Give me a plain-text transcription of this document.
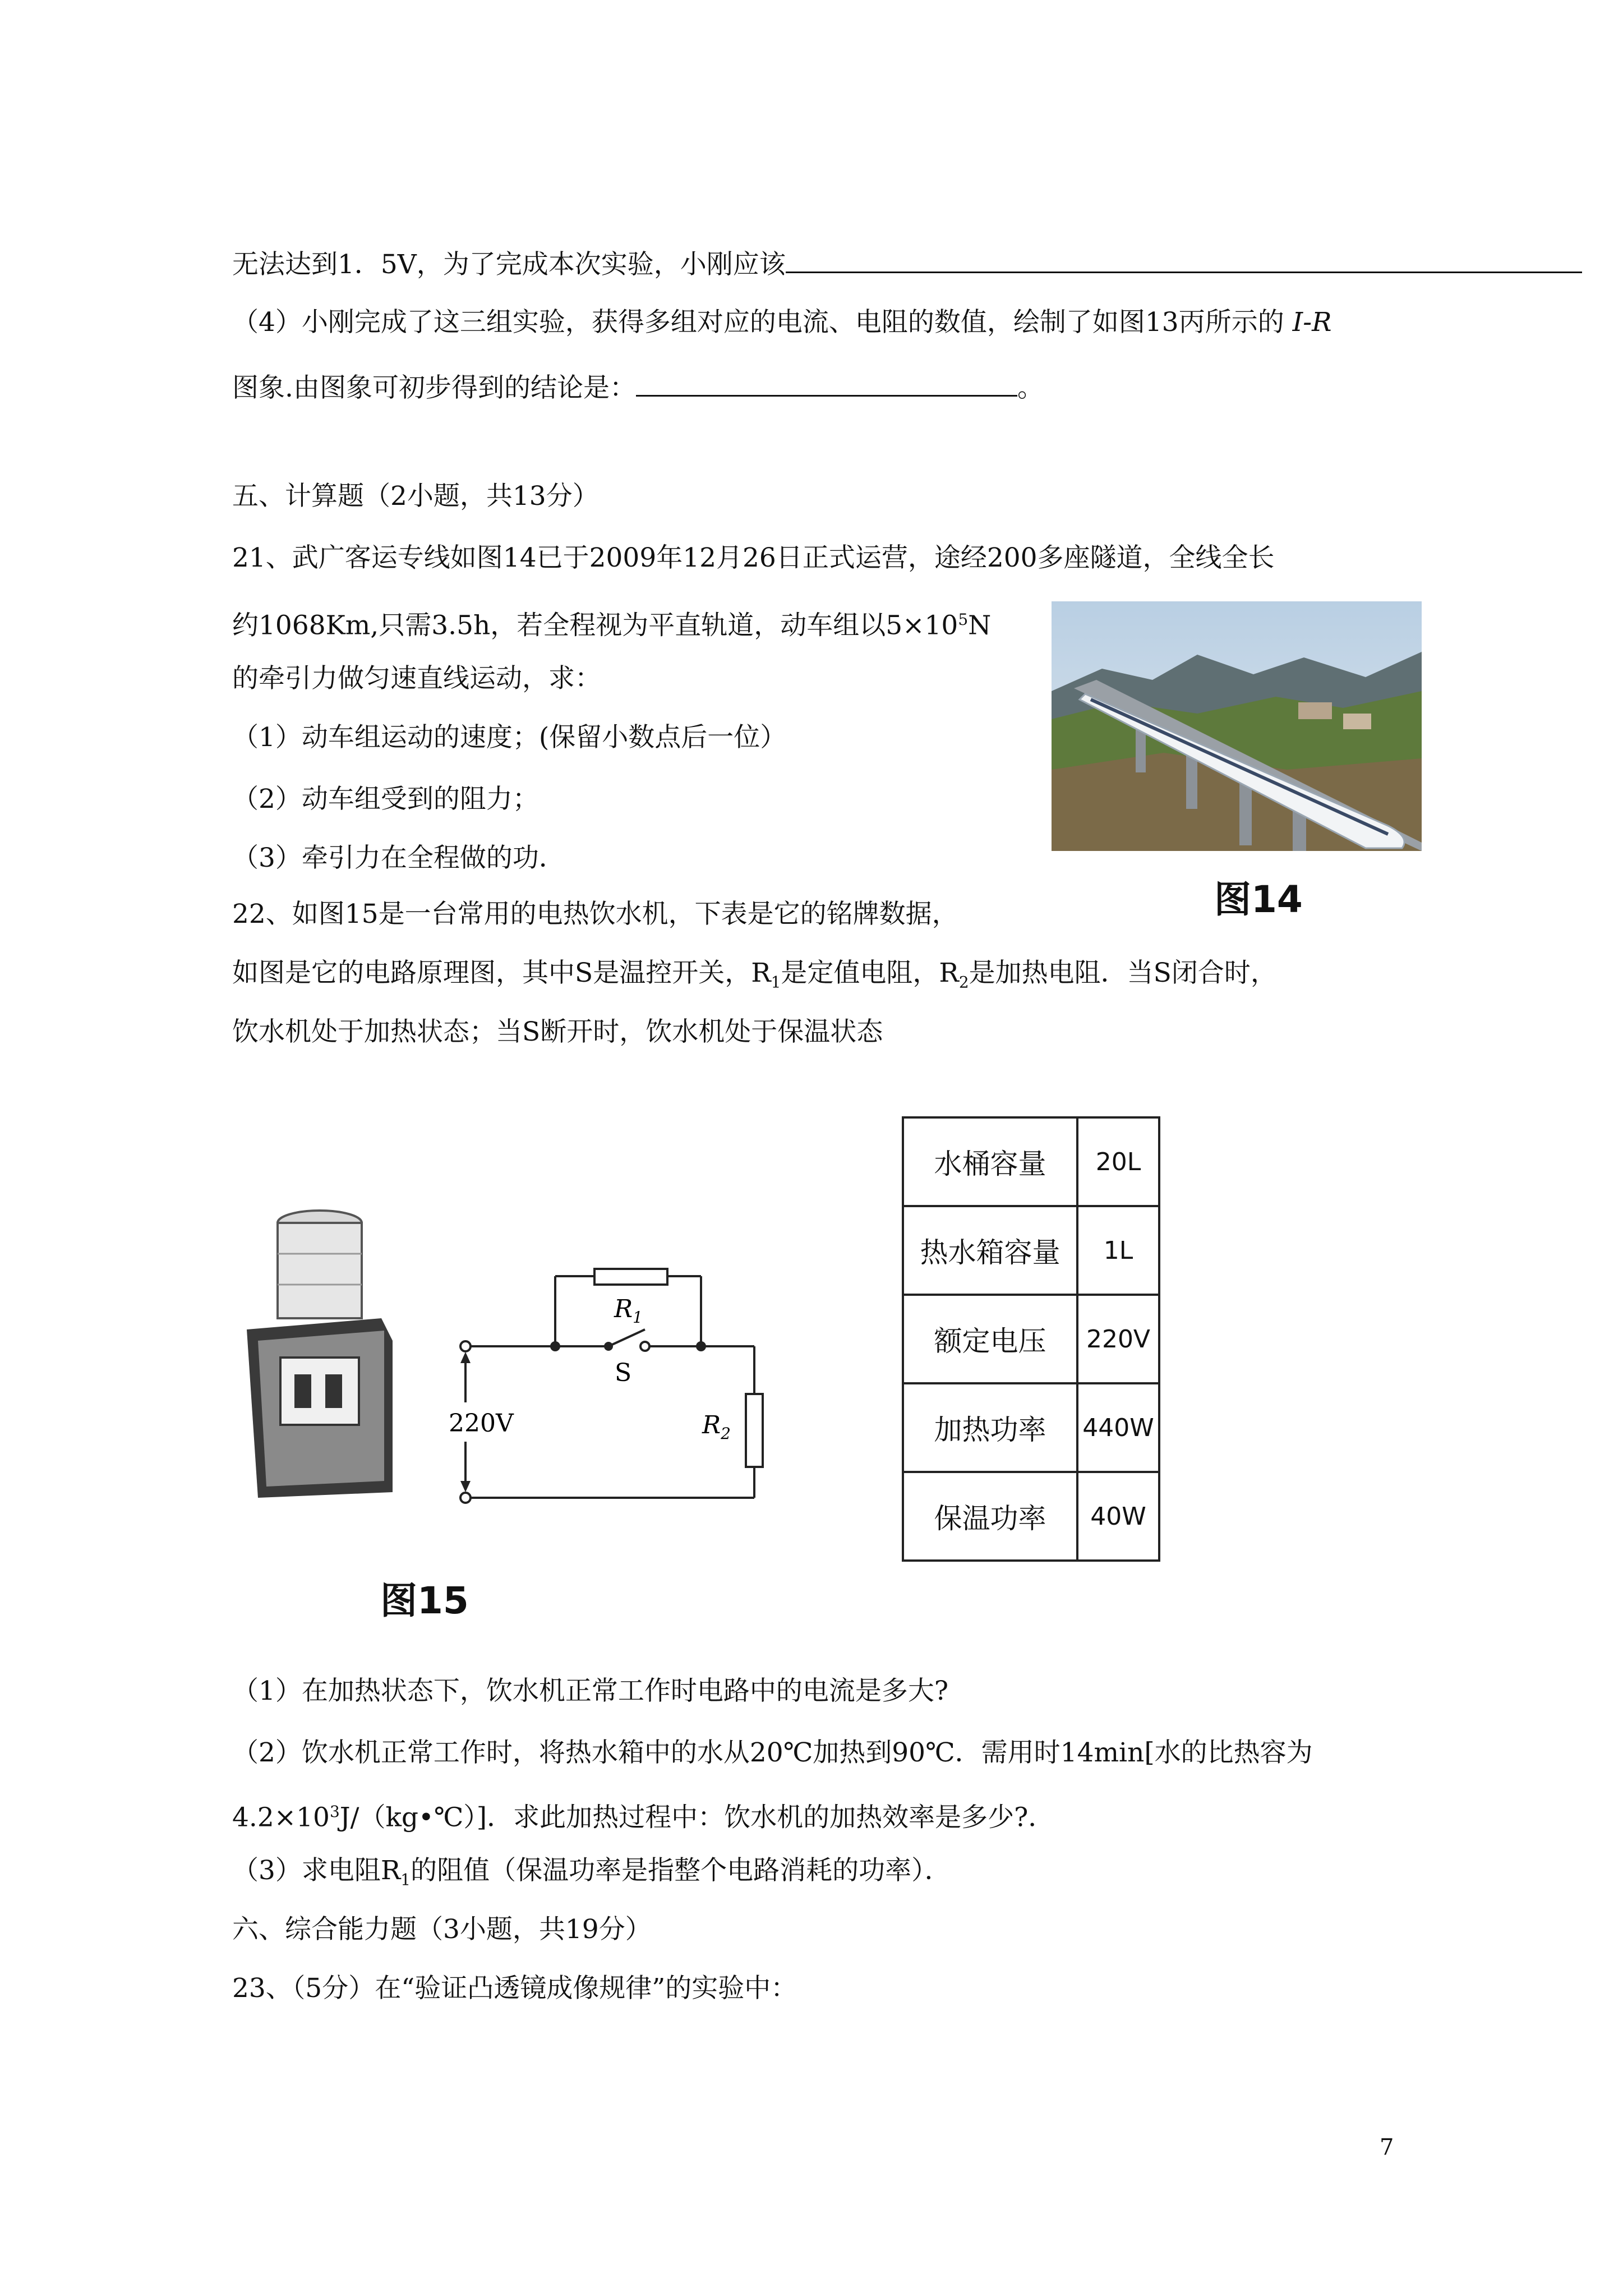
无法达到1．5V，为了完成本次实验，小刚应该
（4）小刚完成了这三组实验，获得多组对应的电流、电阻的数值，绘制了如图13丙所示的 I-R
图象.由图象可初步得到的结论是：	。
五、计算题（2小题，共13分）
21、武广客运专线如图14已于2009年12月26日正式运营，途经200多座隧道，全线全长
约1068Km,只需3.5h，若全程视为平直轨道，动车组以$5\times 10^5N$
的牵引力做匀速直线运动，求：
（1）动车组运动的速度；(保留小数点后一位）
（2）动车组受到的阻力；
（3）牵引力在全程做的功．
图14
22、如图15是一台常用的电热饮水机，下表是它的铭牌数据，
如图是它的电路原理图，其中S是温控开关，$R_1$是定值电阻，$R_2$是加热电阻．当S闭合时，
饮水机处于加热状态；当S断开时，饮水机处于保温状态
图15
$R_1$
S
220V	$R_2$
水桶容量	20L
热水箱容量	1L
额定电压	220V
加热功率	440W
保温功率	40W
（1）在加热状态下，饮水机正常工作时电路中的电流是多大?
（2）饮水机正常工作时，将热水箱中的水从20℃加热到90℃．需用时14min[水的比热容为
$4.2\times 10^3J/(kg•℃)$]．求此加热过程中：饮水机的加热效率是多少?．
（3）求电阻$R_1$的阻值（保温功率是指整个电路消耗的功率）．
六、综合能力题（3小题，共19分）
23、（5分）在“验证凸透镜成像规律”的实验中：
7
